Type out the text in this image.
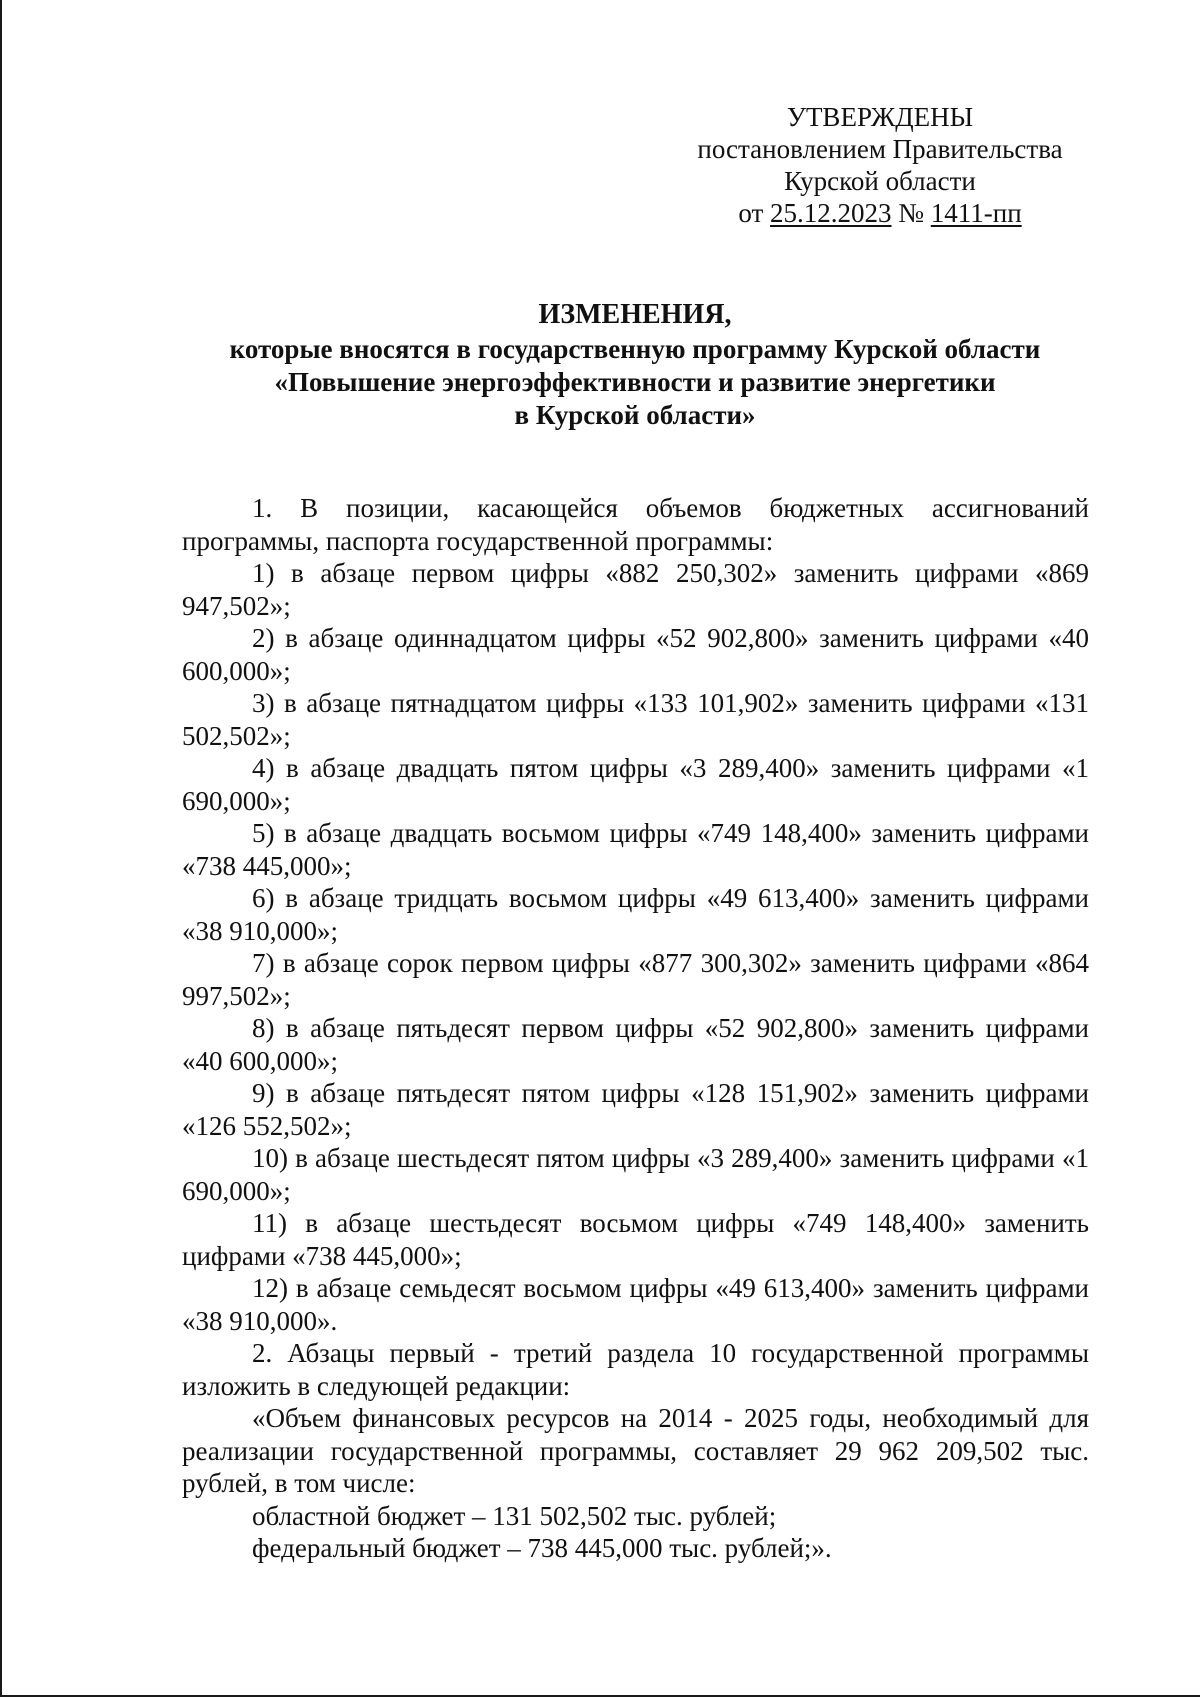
УТВЕРЖДЕНЫ
постановлением Правительства
Курской области
от 25.12.2023 № 1411-пп
ИЗМЕНЕНИЯ,
которые вносятся в государственную программу Курской области
«Повышение энергоэффективности и развитие энергетики
в Курской области»

1. В позиции, касающейся объемов бюджетных ассигнований программы, паспорта государственной программы:

1) в абзаце первом цифры «882 250,302» заменить цифрами «869 947,502»;

2) в абзаце одиннадцатом цифры «52 902,800» заменить цифрами «40 600,000»;

3) в абзаце пятнадцатом цифры «133 101,902» заменить цифрами «131 502,502»;

4) в абзаце двадцать пятом цифры «3 289,400» заменить цифрами «1 690,000»;

5) в абзаце двадцать восьмом цифры «749 148,400» заменить цифрами «738 445,000»;

6) в абзаце тридцать восьмом цифры «49 613,400» заменить цифрами «38 910,000»;

7) в абзаце сорок первом цифры «877 300,302» заменить цифрами «864 997,502»;

8) в абзаце пятьдесят первом цифры «52 902,800» заменить цифрами «40 600,000»;

9) в абзаце пятьдесят пятом цифры «128 151,902» заменить цифрами «126 552,502»;

10) в абзаце шестьдесят пятом цифры «3 289,400» заменить цифрами «1 690,000»;

11) в абзаце шестьдесят восьмом цифры «749 148,400» заменить цифрами «738 445,000»;

12) в абзаце семьдесят восьмом цифры «49 613,400» заменить цифрами «38 910,000».

2. Абзацы первый - третий раздела 10 государственной программы изложить в следующей редакции:

«Объем финансовых ресурсов на 2014 - 2025 годы, необходимый для реализации государственной программы, составляет 29 962 209,502 тыс. рублей, в том числе:

областной бюджет – 131 502,502 тыс. рублей;

федеральный бюджет – 738 445,000 тыс. рублей;».
